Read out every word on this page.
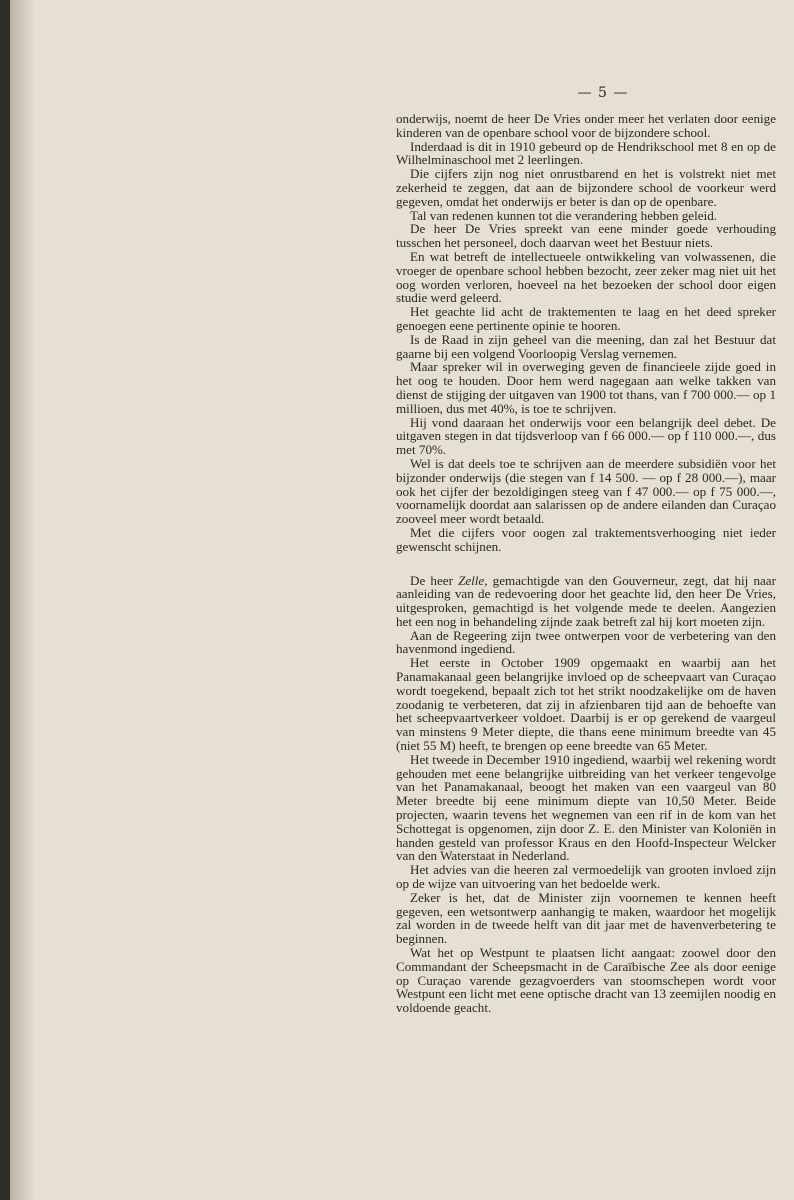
— 5 —

onderwijs, noemt de heer De Vries onder meer het verlaten door eenige kinderen van de openbare school voor de bijzondere school.

Inderdaad is dit in 1910 gebeurd op de Hendrikschool met 8 en op de Wilhelminaschool met 2 leerlingen.

Die cijfers zijn nog niet onrustbarend en het is volstrekt niet met zekerheid te zeggen, dat aan de bijzondere school de voorkeur werd gegeven, omdat het onderwijs er beter is dan op de openbare.

Tal van redenen kunnen tot die verandering hebben geleid.

De heer De Vries spreekt van eene minder goede verhouding tusschen het personeel, doch daarvan weet het Bestuur niets.

En wat betreft de intellectueele ontwikkeling van volwassenen, die vroeger de openbare school hebben bezocht, zeer zeker mag niet uit het oog worden verloren, hoeveel na het bezoeken der school door eigen studie werd geleerd.

Het geachte lid acht de traktementen te laag en het deed spreker genoegen eene pertinente opinie te hooren.

Is de Raad in zijn geheel van die meening, dan zal het Bestuur dat gaarne bij een volgend Voorloopig Verslag vernemen.

Maar spreker wil in overweging geven de financieele zijde goed in het oog te houden. Door hem werd nagegaan aan welke takken van dienst de stijging der uitgaven van 1900 tot thans, van f 700 000.— op 1 millioen, dus met 40%, is toe te schrijven.

Hij vond daaraan het onderwijs voor een belangrijk deel debet. De uitgaven stegen in dat tijdsverloop van f 66 000.— op f 110 000.—, dus met 70%.

Wel is dat deels toe te schrijven aan de meerdere subsidiën voor het bijzonder onderwijs (die stegen van f 14 500. — op f 28 000.—), maar ook het cijfer der bezoldigingen steeg van f 47 000.— op f 75 000.—, voornamelijk doordat aan salarissen op de andere eilanden dan Curaçao zooveel meer wordt betaald.

Met die cijfers voor oogen zal traktementsverhooging niet ieder gewenscht schijnen.

De heer Zelle, gemachtigde van den Gouverneur, zegt, dat hij naar aanleiding van de redevoering door het geachte lid, den heer De Vries, uitgesproken, gemachtigd is het volgende mede te deelen. Aangezien het een nog in behandeling zijnde zaak betreft zal hij kort moeten zijn.

Aan de Regeering zijn twee ontwerpen voor de verbetering van den havenmond ingediend.

Het eerste in October 1909 opgemaakt en waarbij aan het Panamakanaal geen belangrijke invloed op de scheepvaart van Curaçao wordt toegekend, bepaalt zich tot het strikt noodzakelijke om de haven zoodanig te verbeteren, dat zij in afzienbaren tijd aan de behoefte van het scheepvaartverkeer voldoet. Daarbij is er op gerekend de vaargeul van minstens 9 Meter diepte, die thans eene minimum breedte van 45 (niet 55 M) heeft, te brengen op eene breedte van 65 Meter.

Het tweede in December 1910 ingediend, waarbij wel rekening wordt gehouden met eene belangrijke uitbreiding van het verkeer tengevolge van het Panamakanaal, beoogt het maken van een vaargeul van 80 Meter breedte bij eene minimum diepte van 10,50 Meter. Beide projecten, waarin tevens het wegnemen van een rif in de kom van het Schottegat is opgenomen, zijn door Z. E. den Minister van Koloniën in handen gesteld van professor Kraus en den Hoofd-Inspecteur Welcker van den Waterstaat in Nederland.

Het advies van die heeren zal vermoedelijk van grooten invloed zijn op de wijze van uitvoering van het bedoelde werk.

Zeker is het, dat de Minister zijn voornemen te kennen heeft gegeven, een wetsontwerp aanhangig te maken, waardoor het mogelijk zal worden in de tweede helft van dit jaar met de havenverbetering te beginnen.

Wat het op Westpunt te plaatsen licht aangaat: zoowel door den Commandant der Scheepsmacht in de Caraïbische Zee als door eenige op Curaçao varende gezagvoerders van stoomschepen wordt voor Westpunt een licht met eene optische dracht van 13 zeemijlen noodig en voldoende geacht.
